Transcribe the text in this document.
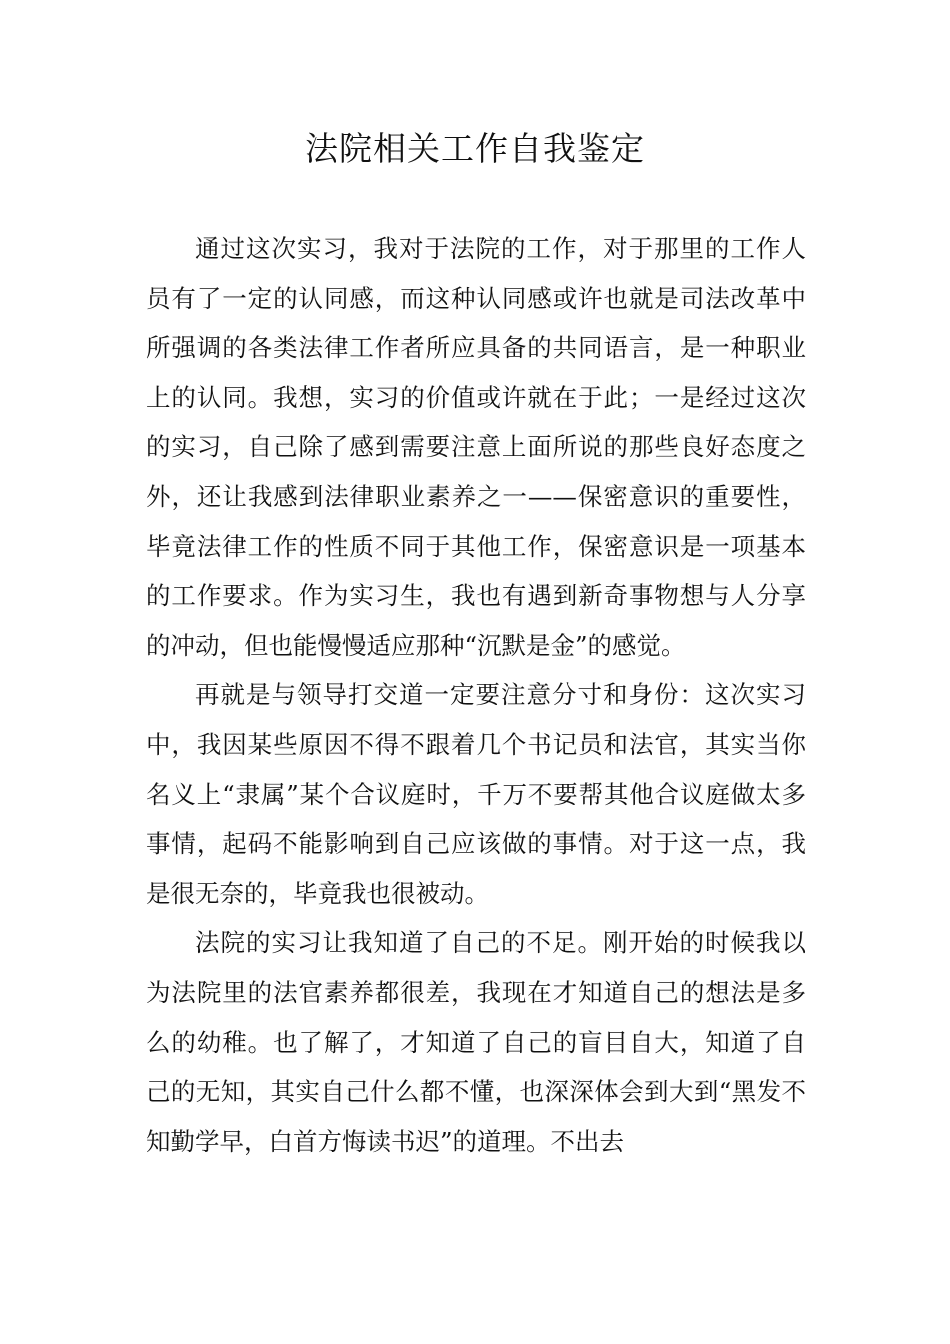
法院相关工作自我鉴定

通过这次实习，我对于法院的工作，对于那里的工作人员有了一定的认同感，而这种认同感或许也就是司法改革中所强调的各类法律工作者所应具备的共同语言，是一种职业上的认同。我想，实习的价值或许就在于此；一是经过这次的实习，自己除了感到需要注意上面所说的那些良好态度之外，还让我感到法律职业素养之一——保密意识的重要性，毕竟法律工作的性质不同于其他工作，保密意识是一项基本的工作要求。作为实习生，我也有遇到新奇事物想与人分享的冲动，但也能慢慢适应那种“沉默是金”的感觉。

再就是与领导打交道一定要注意分寸和身份：这次实习中，我因某些原因不得不跟着几个书记员和法官，其实当你名义上“隶属”某个合议庭时，千万不要帮其他合议庭做太多事情，起码不能影响到自己应该做的事情。对于这一点，我是很无奈的，毕竟我也很被动。

法院的实习让我知道了自己的不足。刚开始的时候我以为法院里的法官素养都很差，我现在才知道自己的想法是多么的幼稚。也了解了，才知道了自己的盲目自大，知道了自己的无知，其实自己什么都不懂，也深深体会到大到“黑发不知勤学早，白首方悔读书迟”的道理。不出去
